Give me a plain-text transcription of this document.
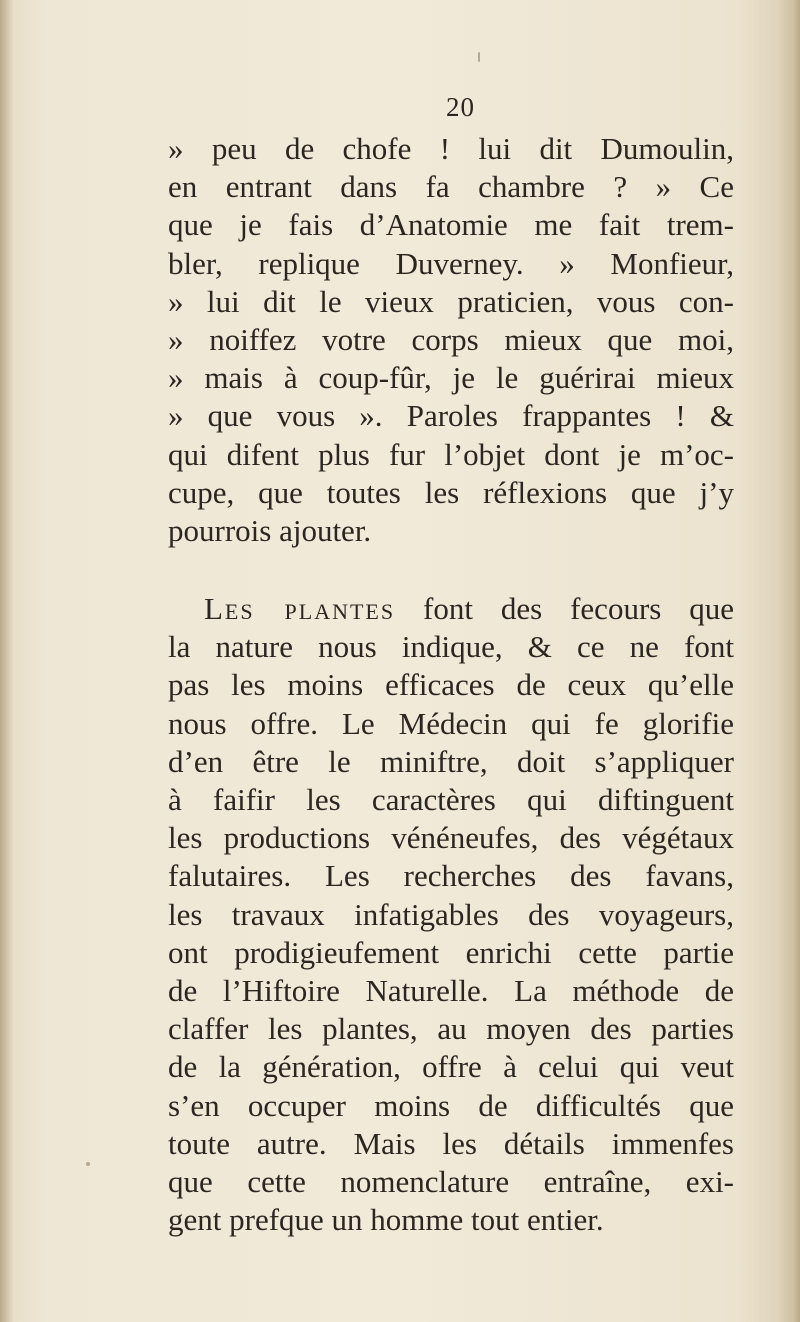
20
» peu de chofe ! lui dit Dumoulin,
en entrant dans fa chambre ? » Ce
que je fais d’Anatomie me fait trem-
bler, replique Duverney. » Monfieur,
» lui dit le vieux praticien, vous con-
» noiffez votre corps mieux que moi,
» mais à coup-fûr, je le guérirai mieux
» que vous ». Paroles frappantes ! &
qui difent plus fur l’objet dont je m’oc-
cupe, que toutes les réflexions que j’y
pourrois ajouter.
Les plantes font des fecours que
la nature nous indique, & ce ne font
pas les moins efficaces de ceux qu’elle
nous offre. Le Médecin qui fe glorifie
d’en être le miniftre, doit s’appliquer
à faifir les caractères qui diftinguent
les productions vénéneufes, des végétaux
falutaires. Les recherches des favans,
les travaux infatigables des voyageurs,
ont prodigieufement enrichi cette partie
de l’Hiftoire Naturelle. La méthode de
claffer les plantes, au moyen des parties
de la génération, offre à celui qui veut
s’en occuper moins de difficultés que
toute autre. Mais les détails immenfes
que cette nomenclature entraîne, exi-
gent prefque un homme tout entier.
